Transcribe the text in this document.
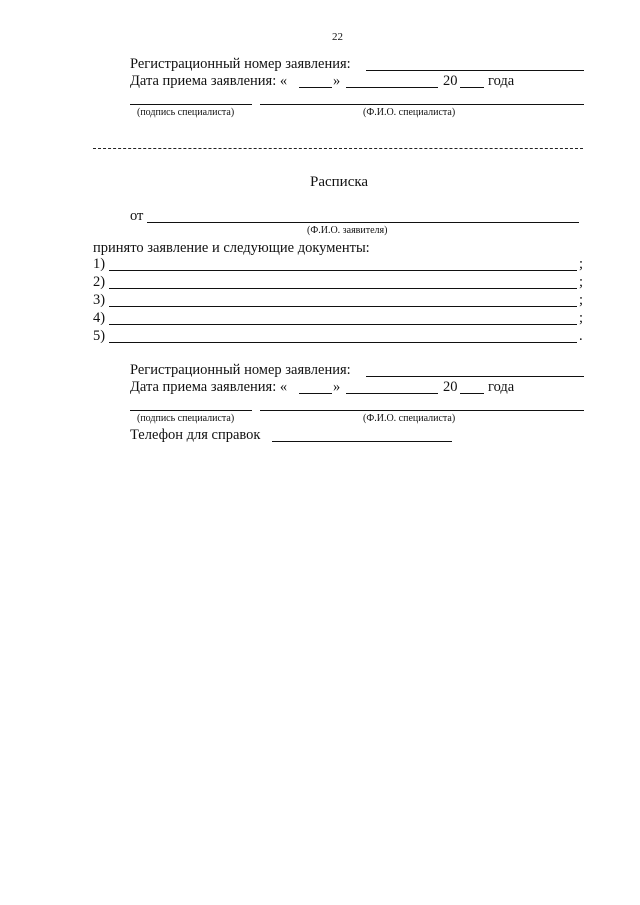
22
Регистрационный номер заявления:
Дата приема заявления: «	»	20 года
(подпись специалиста)	(Ф.И.О. специалиста)
Расписка
от
(Ф.И.О. заявителя)
принято заявление и следующие документы:
1)	;
2)	;
3)	;
4)	;
5)	.
Регистрационный номер заявления:
Дата приема заявления: «	»	20 года
(подпись специалиста)	(Ф.И.О. специалиста)
Телефон для справок
